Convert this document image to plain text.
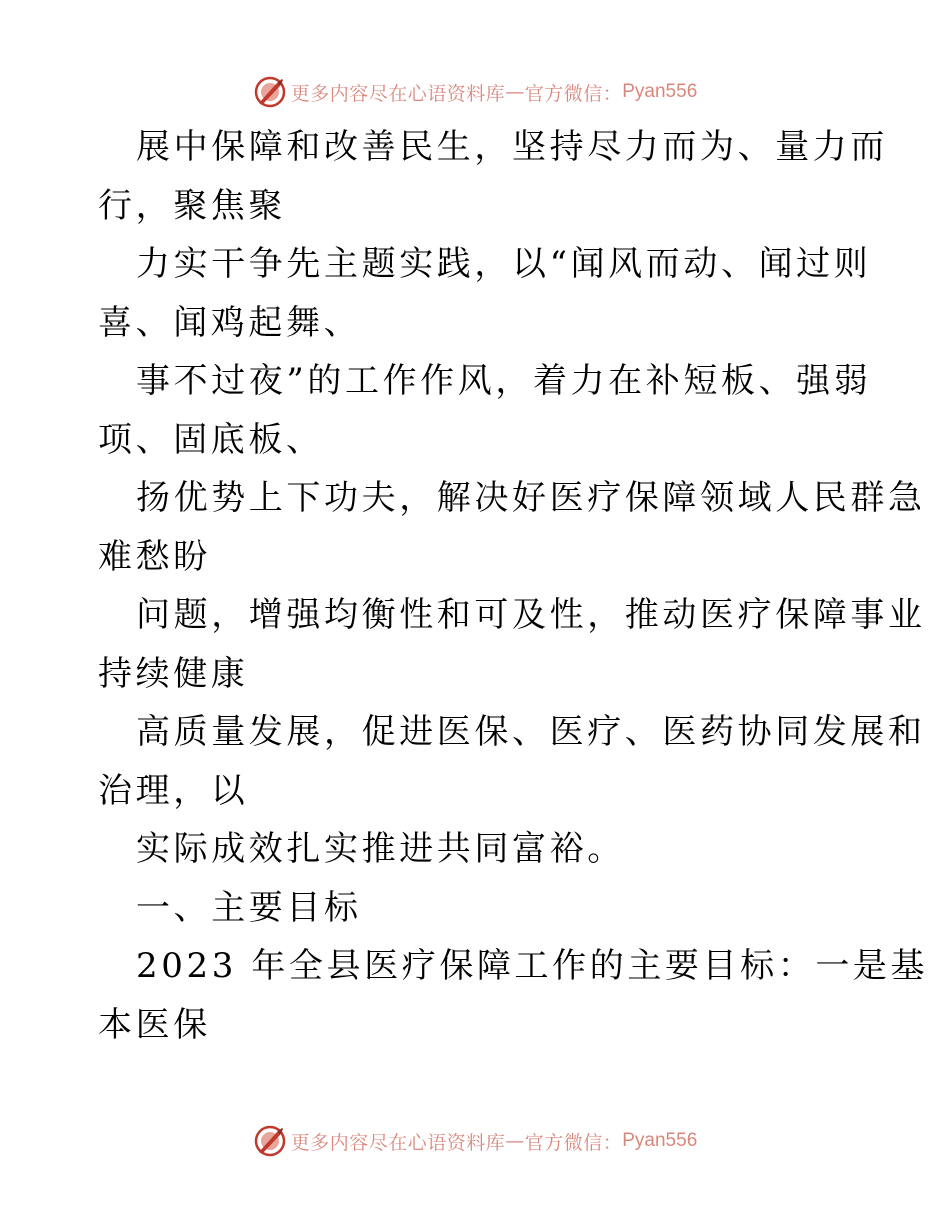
更多内容尽在心语资料库 — 官方微信： Pyan556
展中保障和改善民生，坚持尽力而为、量力而
行，聚焦聚
力实干争先主题实践，以“闻风而动、闻过则
喜、闻鸡起舞、
事不过夜”的工作作风，着力在补短板、强弱
项、固底板、
扬优势上下功夫，解决好医疗保障领域人民群急
难愁盼
问题，增强均衡性和可及性，推动医疗保障事业
持续健康
高质量发展，促进医保、医疗、医药协同发展和
治理，以
实际成效扎实推进共同富裕。
一、主要目标
2023 年全县医疗保障工作的主要目标：一是基
本医保
更多内容尽在心语资料库 — 官方微信： Pyan556
